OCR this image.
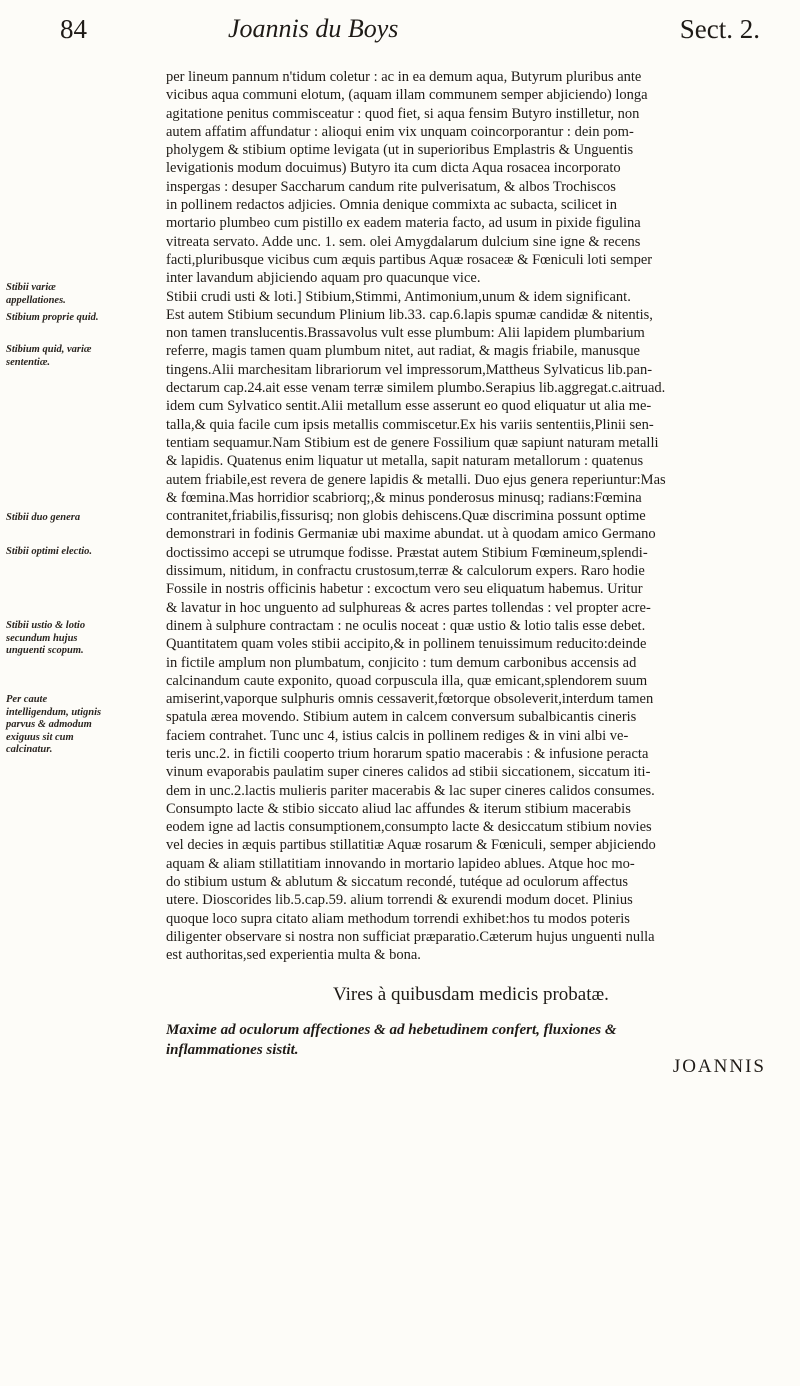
84	Joannis du Boys	Sect. 2.
Stibii variæ appellationes.
Stibium proprie quid.
Stibium quid, variæ sententiæ.
Stibii duo genera
Stibii optimi electio.
Stibii ustio & lotio secundum hujus unguenti scopum.
Per caute intelligendum, utignis parvus & admodum exiguus sit cum calcinatur.
per lineum pannum n'tidum coletur : ac in ea demum aqua, Butyrum pluribus ante
vicibus aqua communi elotum, (aquam illam communem semper abjiciendo) longa
agitatione penitus commisceatur : quod fiet, si aqua fensim Butyro instilletur, non
autem affatim affundatur : alioqui enim vix unquam coincorporantur : dein pom-
pholygem & stibium optime levigata (ut in superioribus Emplastris & Unguentis
levigationis modum docuimus) Butyro ita cum dicta Aqua rosacea incorporato
inspergas : desuper Saccharum candum rite pulverisatum, & albos Trochiscos
in pollinem redactos adjicies. Omnia denique commixta ac subacta, scilicet in
mortario plumbeo cum pistillo ex eadem materia facto, ad usum in pixide figulina
vitreata servato. Adde unc. 1. sem. olei Amygdalarum dulcium sine igne & recens
facti,pluribusque vicibus cum æquis partibus Aquæ rosaceæ & Fœniculi loti semper
inter lavandum abjiciendo aquam pro quacunque vice.
Stibii crudi usti & loti.] Stibium,Stimmi, Antimonium,unum & idem significant.
Est autem Stibium secundum Plinium lib.33. cap.6.lapis spumæ candidæ & nitentis,
non tamen translucentis.Brassavolus vult esse plumbum: Alii lapidem plumbarium
referre, magis tamen quam plumbum nitet, aut radiat, & magis friabile, manusque
tingens.Alii marchesitam librariorum vel impressorum,Mattheus Sylvaticus lib.pan-
dectarum cap.24.ait esse venam terræ similem plumbo.Serapius lib.aggregat.c.aitruad.
idem cum Sylvatico sentit.Alii metallum esse asserunt eo quod eliquatur ut alia me-
talla,& quia facile cum ipsis metallis commiscetur.Ex his variis sententiis,Plinii sen-
tentiam sequamur.Nam Stibium est de genere Fossilium quæ sapiunt naturam metalli
& lapidis. Quatenus enim liquatur ut metalla, sapit naturam metallorum : quatenus
autem friabile,est revera de genere lapidis & metalli. Duo ejus genera reperiuntur:Mas
& fœmina.Mas horridior scabriorq;,& minus ponderosus minusq; radians:Fœmina
contranitet,friabilis,fissurisq; non globis dehiscens.Quæ discrimina possunt optime
demonstrari in fodinis Germaniæ ubi maxime abundat. ut à quodam amico Germano
doctissimo accepi se utrumque fodisse. Præstat autem Stibium Fœmineum,splendi-
dissimum, nitidum, in confractu crustosum,terræ & calculorum expers. Raro hodie
Fossile in nostris officinis habetur : excoctum vero seu eliquatum habemus. Uritur
& lavatur in hoc unguento ad sulphureas & acres partes tollendas : vel propter acre-
dinem à sulphure contractam : ne oculis noceat : quæ ustio & lotio talis esse debet.
Quantitatem quam voles stibii accipito,& in pollinem tenuissimum reducito:deinde
in fictile amplum non plumbatum, conjicito : tum demum carbonibus accensis ad
calcinandum caute exponito, quoad corpuscula illa, quæ emicant,splendorem suum
amiserint,vaporque sulphuris omnis cessaverit,fœtorque obsoleverit,interdum tamen
spatula ærea movendo. Stibium autem in calcem conversum subalbicantis cineris
faciem contrahet. Tunc unc 4, istius calcis in pollinem rediges & in vini albi ve-
teris unc.2. in fictili cooperto trium horarum spatio macerabis : & infusione peracta
vinum evaporabis paulatim super cineres calidos ad stibii siccationem, siccatum iti-
dem in unc.2.lactis mulieris pariter macerabis & lac super cineres calidos consumes.
Consumpto lacte & stibio siccato aliud lac affundes & iterum stibium macerabis
eodem igne ad lactis consumptionem,consumpto lacte & desiccatum stibium novies
vel decies in æquis partibus stillatitiæ Aquæ rosarum & Fœniculi, semper abjiciendo
aquam & aliam stillatitiam innovando in mortario lapideo ablues. Atque hoc mo-
do stibium ustum & ablutum & siccatum recondé, tutéque ad oculorum affectus
utere. Dioscorides lib.5.cap.59. alium torrendi & exurendi modum docet. Plinius
quoque loco supra citato aliam methodum torrendi exhibet:hos tu modos poteris
diligenter observare si nostra non sufficiat præparatio.Cæterum hujus unguenti nulla
est authoritas,sed experientia multa & bona.
Vires à quibusdam medicis probatæ.
Maxime ad oculorum affectiones & ad hebetudinem confert, fluxiones &
inflammationes sistit.
JOANNIS
